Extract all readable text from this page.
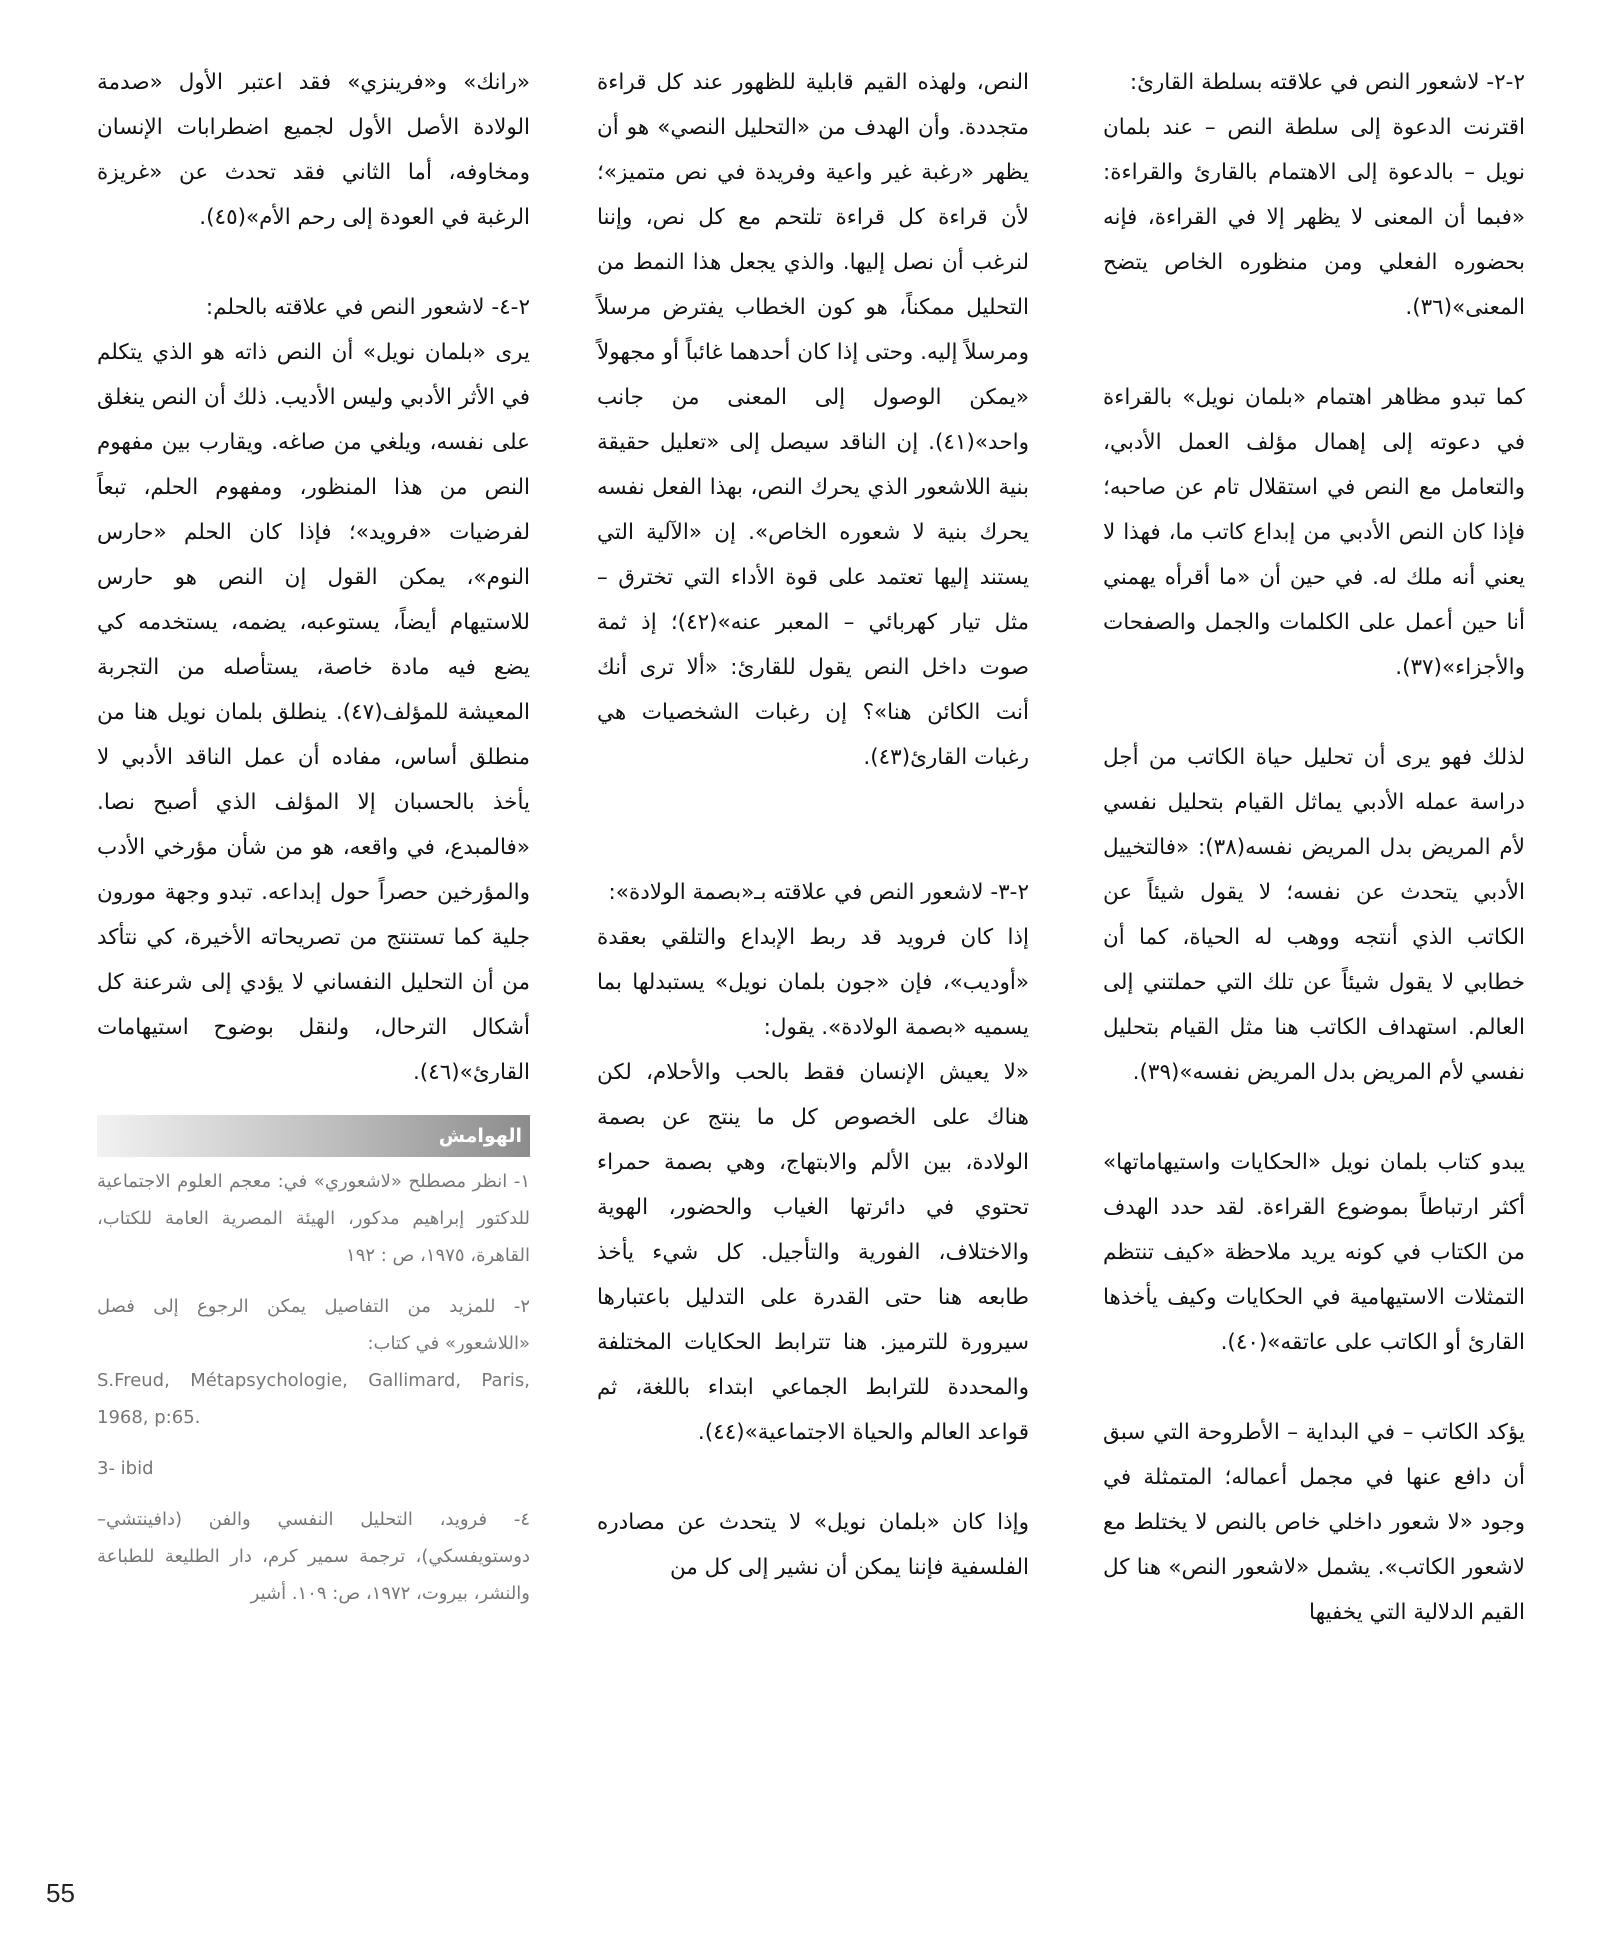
٢-٢- لاشعور النص في علاقته بسلطة القارئ:

اقترنت الدعوة إلى سلطة النص – عند بلمان نويل – بالدعوة إلى الاهتمام بالقارئ والقراءة: «فبما أن المعنى لا يظهر إلا في القراءة، فإنه بحضوره الفعلي ومن منظوره الخاص يتضح المعنى»(٣٦).

كما تبدو مظاهر اهتمام «بلمان نويل» بالقراءة في دعوته إلى إهمال مؤلف العمل الأدبي، والتعامل مع النص في استقلال تام عن صاحبه؛ فإذا كان النص الأدبي من إبداع كاتب ما، فهذا لا يعني أنه ملك له. في حين أن «ما أقرأه يهمني أنا حين أعمل على الكلمات والجمل والصفحات والأجزاء»(٣٧).

لذلك فهو يرى أن تحليل حياة الكاتب من أجل دراسة عمله الأدبي يماثل القيام بتحليل نفسي لأم المريض بدل المريض نفسه(٣٨): «فالتخييل الأدبي يتحدث عن نفسه؛ لا يقول شيئاً عن الكاتب الذي أنتجه ووهب له الحياة، كما أن خطابي لا يقول شيئاً عن تلك التي حملتني إلى العالم. استهداف الكاتب هنا مثل القيام بتحليل نفسي لأم المريض بدل المريض نفسه»(٣٩).

يبدو كتاب بلمان نويل «الحكايات واستيهاماتها» أكثر ارتباطاً بموضوع القراءة. لقد حدد الهدف من الكتاب في كونه يريد ملاحظة «كيف تنتظم التمثلات الاستيهامية في الحكايات وكيف يأخذها القارئ أو الكاتب على عاتقه»(٤٠).

يؤكد الكاتب – في البداية – الأطروحة التي سبق أن دافع عنها في مجمل أعماله؛ المتمثلة في وجود «لا شعور داخلي خاص بالنص لا يختلط مع لاشعور الكاتب». يشمل «لاشعور النص» هنا كل القيم الدلالية التي يخفيها

النص، ولهذه القيم قابلية للظهور عند كل قراءة متجددة. وأن الهدف من «التحليل النصي» هو أن يظهر «رغبة غير واعية وفريدة في نص متميز»؛ لأن قراءة كل قراءة تلتحم مع كل نص، وإننا لنرغب أن نصل إليها. والذي يجعل هذا النمط من التحليل ممكناً، هو كون الخطاب يفترض مرسلاً ومرسلاً إليه. وحتى إذا كان أحدهما غائباً أو مجهولاً «يمكن الوصول إلى المعنى من جانب واحد»(٤١). إن الناقد سيصل إلى «تعليل حقيقة بنية اللاشعور الذي يحرك النص، بهذا الفعل نفسه يحرك بنية لا شعوره الخاص». إن «الآلية التي يستند إليها تعتمد على قوة الأداء التي تخترق – مثل تيار كهربائي – المعبر عنه»(٤٢)؛ إذ ثمة صوت داخل النص يقول للقارئ: «ألا ترى أنك أنت الكائن هنا»؟ إن رغبات الشخصيات هي رغبات القارئ(٤٣).

٢-٣- لاشعور النص في علاقته بـ«بصمة الولادة»:

إذا كان فرويد قد ربط الإبداع والتلقي بعقدة «أوديب»، فإن «جون بلمان نويل» يستبدلها بما يسميه «بصمة الولادة». يقول:

«لا يعيش الإنسان فقط بالحب والأحلام، لكن هناك على الخصوص كل ما ينتج عن بصمة الولادة، بين الألم والابتهاج، وهي بصمة حمراء تحتوي في دائرتها الغياب والحضور، الهوية والاختلاف، الفورية والتأجيل. كل شيء يأخذ طابعه هنا حتى القدرة على التدليل باعتبارها سيرورة للترميز. هنا تترابط الحكايات المختلفة والمحددة للترابط الجماعي ابتداء باللغة، ثم قواعد العالم والحياة الاجتماعية»(٤٤).

وإذا كان «بلمان نويل» لا يتحدث عن مصادره الفلسفية فإننا يمكن أن نشير إلى كل من

«رانك» و«فرينزي» فقد اعتبر الأول «صدمة الولادة الأصل الأول لجميع اضطرابات الإنسان ومخاوفه، أما الثاني فقد تحدث عن «غريزة الرغبة في العودة إلى رحم الأم»(٤٥).

٢-٤- لاشعور النص في علاقته بالحلم:

يرى «بلمان نويل» أن النص ذاته هو الذي يتكلم في الأثر الأدبي وليس الأديب. ذلك أن النص ينغلق على نفسه، ويلغي من صاغه. ويقارب بين مفهوم النص من هذا المنظور، ومفهوم الحلم، تبعاً لفرضيات «فرويد»؛ فإذا كان الحلم «حارس النوم»، يمكن القول إن النص هو حارس للاستيهام أيضاً، يستوعبه، يضمه، يستخدمه كي يضع فيه مادة خاصة، يستأصله من التجربة المعيشة للمؤلف(٤٧). ينطلق بلمان نويل هنا من منطلق أساس، مفاده أن عمل الناقد الأدبي لا يأخذ بالحسبان إلا المؤلف الذي أصبح نصا. «فالمبدع، في واقعه، هو من شأن مؤرخي الأدب والمؤرخين حصراً حول إبداعه. تبدو وجهة مورون جلية كما تستنتج من تصريحاته الأخيرة، كي نتأكد من أن التحليل النفساني لا يؤدي إلى شرعنة كل أشكال الترحال، ولنقل بوضوح استيهامات القارئ»(٤٦).

الهوامش

١- انظر مصطلح «لاشعوري» في: معجم العلوم الاجتماعية للدكتور إبراهيم مدكور، الهيئة المصرية العامة للكتاب، القاهرة، ١٩٧٥، ص : ١٩٢

٢- للمزيد من التفاصيل يمكن الرجوع إلى فصل «اللاشعور» في كتاب:

S.Freud, Métapsychologie, Gallimard, Paris, 1968, p:65.

3- ibid

٤- فرويد، التحليل النفسي والفن (دافينتشي– دوستويفسكي)، ترجمة سمير كرم، دار الطليعة للطباعة والنشر، بيروت، ١٩٧٢، ص: ١٠٩. أشير

55
